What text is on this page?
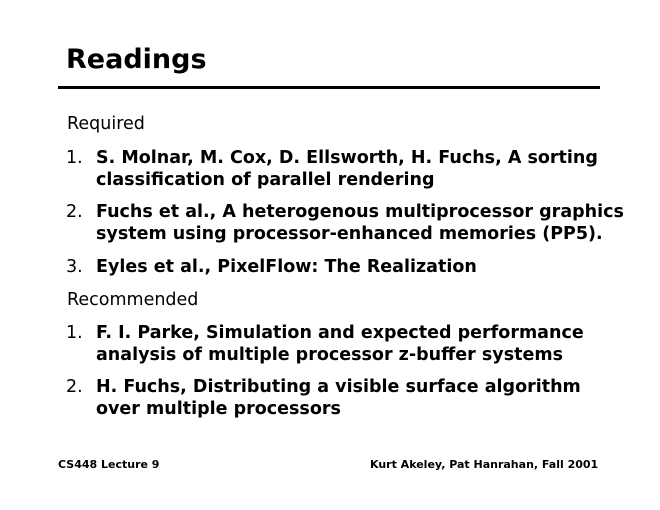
Readings
Required
1. S. Molnar, M. Cox, D. Ellsworth, H. Fuchs, A sorting
classification of parallel rendering
2. Fuchs et al., A heterogenous multiprocessor graphics
system using processor-enhanced memories (PP5).
3. Eyles et al., PixelFlow: The Realization
Recommended
1. F. I. Parke, Simulation and expected performance
analysis of multiple processor z-buffer systems
2. H. Fuchs, Distributing a visible surface algorithm
over multiple processors

CS448 Lecture 9	Kurt Akeley, Pat Hanrahan, Fall 2001
